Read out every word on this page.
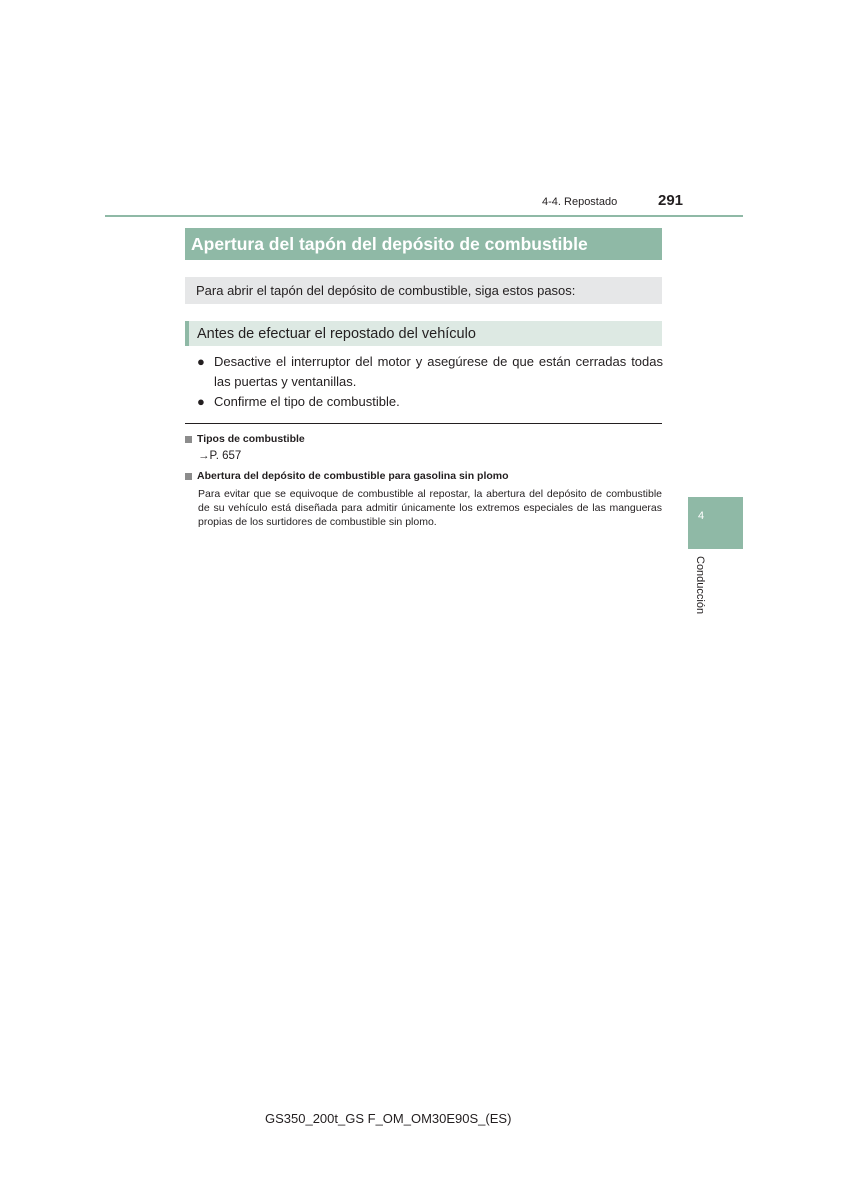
4-4. Repostado	291
Apertura del tapón del depósito de combustible
Para abrir el tapón del depósito de combustible, siga estos pasos:
Antes de efectuar el repostado del vehículo
● Desactive el interruptor del motor y asegúrese de que están cerradas todas las puertas y ventanillas.
● Confirme el tipo de combustible.
Tipos de combustible
→P. 657
Abertura del depósito de combustible para gasolina sin plomo
Para evitar que se equivoque de combustible al repostar, la abertura del depósito de combustible de su vehículo está diseñada para admitir únicamente los extremos especiales de las mangueras propias de los surtidores de combustible sin plomo.	4
Conducción
GS350_200t_GS F_OM_OM30E90S_(ES)
